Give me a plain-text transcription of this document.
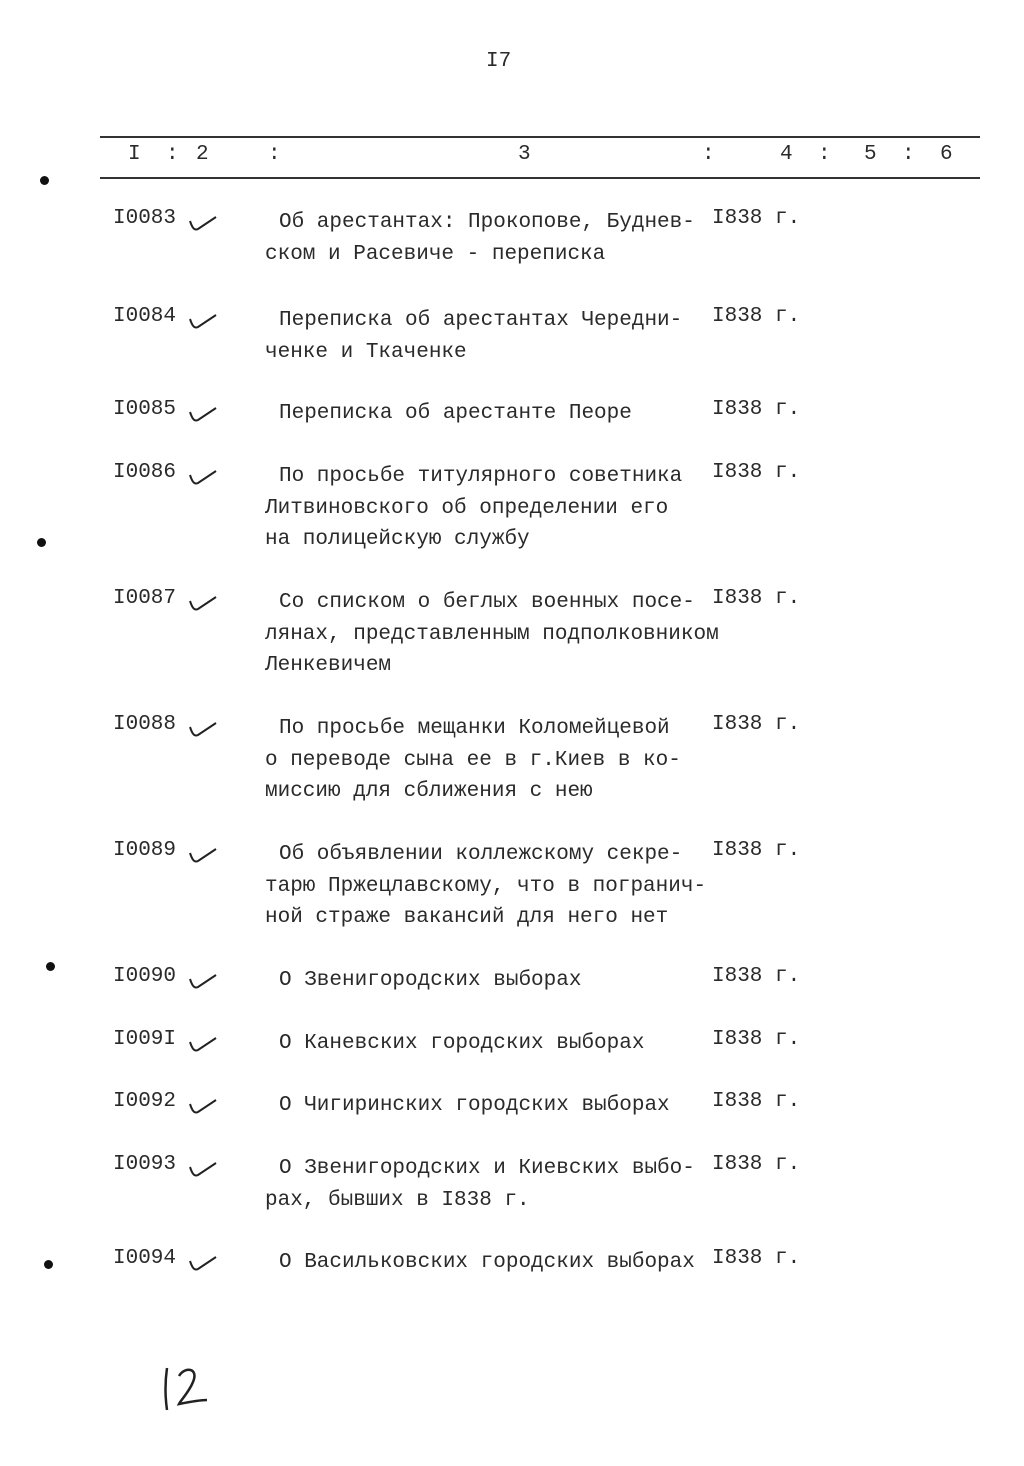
I7
I : 2	:	3	:	4 : 5 : 6
I0083	Об арестантах: Прокопове, Буднев-
ском и Расевиче - переписка
I838 г.
I0084	Переписка об арестантах Чередни-
ченке и Ткаченке
I838 г.
I0085	Переписка об арестанте Пеоре	I838 г.
I0086	По просьбе титулярного советника
Литвиновского об определении его
на полицейскую службу
I838 г.
I0087	Со списком о беглых военных посе-
лянах, представленным подполковником
Ленкевичем
I838 г.
I0088	По просьбе мещанки Коломейцевой
о переводе сына ее в г.Киев в ко-
миссию для сближения с нею
I838 г.
I0089	Об объявлении коллежскому секре-
тарю Пржецлавскому, что в погранич-
ной страже вакансий для него нет
I838 г.
I0090	О Звенигородских выборах	I838 г.
I009I	О Каневских городских выборах	I838 г.
I0092	О Чигиринских городских выборах I838 г.
I0093	О Звенигородских и Киевских выбо-
рах, бывших в I838 г.
I838 г.
I0094	О Васильковских городских выборах I838 г.
